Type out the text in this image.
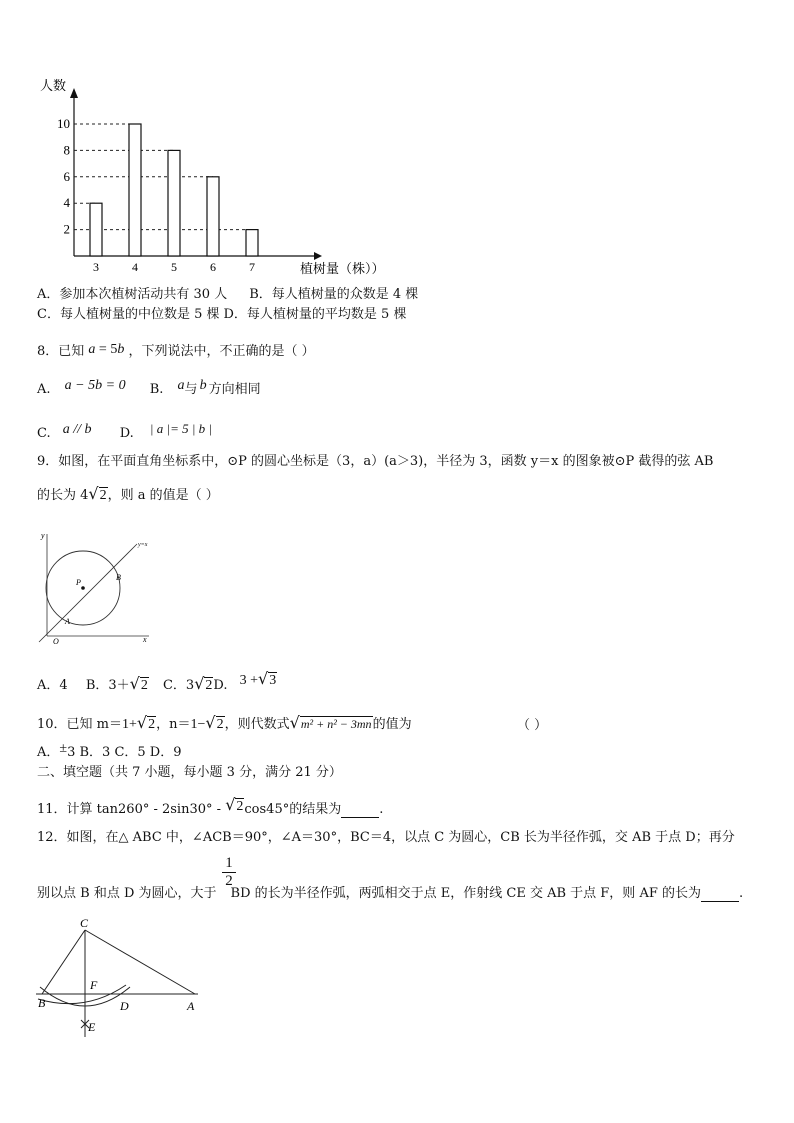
2
4
6
8
10
3	4	5	6	7
人数
植树量（株））
A．参加本次植树活动共有 30 人 B．每人植树量的众数是 4 棵
C．每人植树量的中位数是 5 棵 D．每人植树量的平均数是 5 棵
8．已知 a = 5b ，下列说法中，不正确的是（ ）
A. a − 5b = 0 B. a与 b 方向相同
C. a // b D. | a |= 5 | b |
9．如图，在平面直角坐标系中，⊙P 的圆心坐标是（3，a）(a＞3)，半径为 3，函数 y＝x 的图象被⊙P 截得的弦 AB
的长为 4√2，则 a 的值是（ ）
y
x
O
P
A
B
y=x
A．4 B．3＋√2 C．3√2D. 3 +√3
10．已知 m＝1+√2，n＝1−√2，则代数式√m² + n² − 3mn的值为	（ ）
A．±3 B．3 C．5 D．9
二、填空题（共 7 小题，每小题 3 分，满分 21 分）
11．计算 tan260° - 2sin30° - √2cos45°的结果为	.
12．如图，在△ ABC 中，∠ACB＝90°，∠A＝30°，BC＝4，以点 C 为圆心，CB 长为半径作弧，交 AB 于点 D；再分
$\frac{1}{2}$
别以点 B 和点 D 为圆心，大于 BD 的长为半径作弧，两弧相交于点 E，作射线 CE 交 AB 于点 F，则 AF 的长为	.
C
B
F
D	A
E
